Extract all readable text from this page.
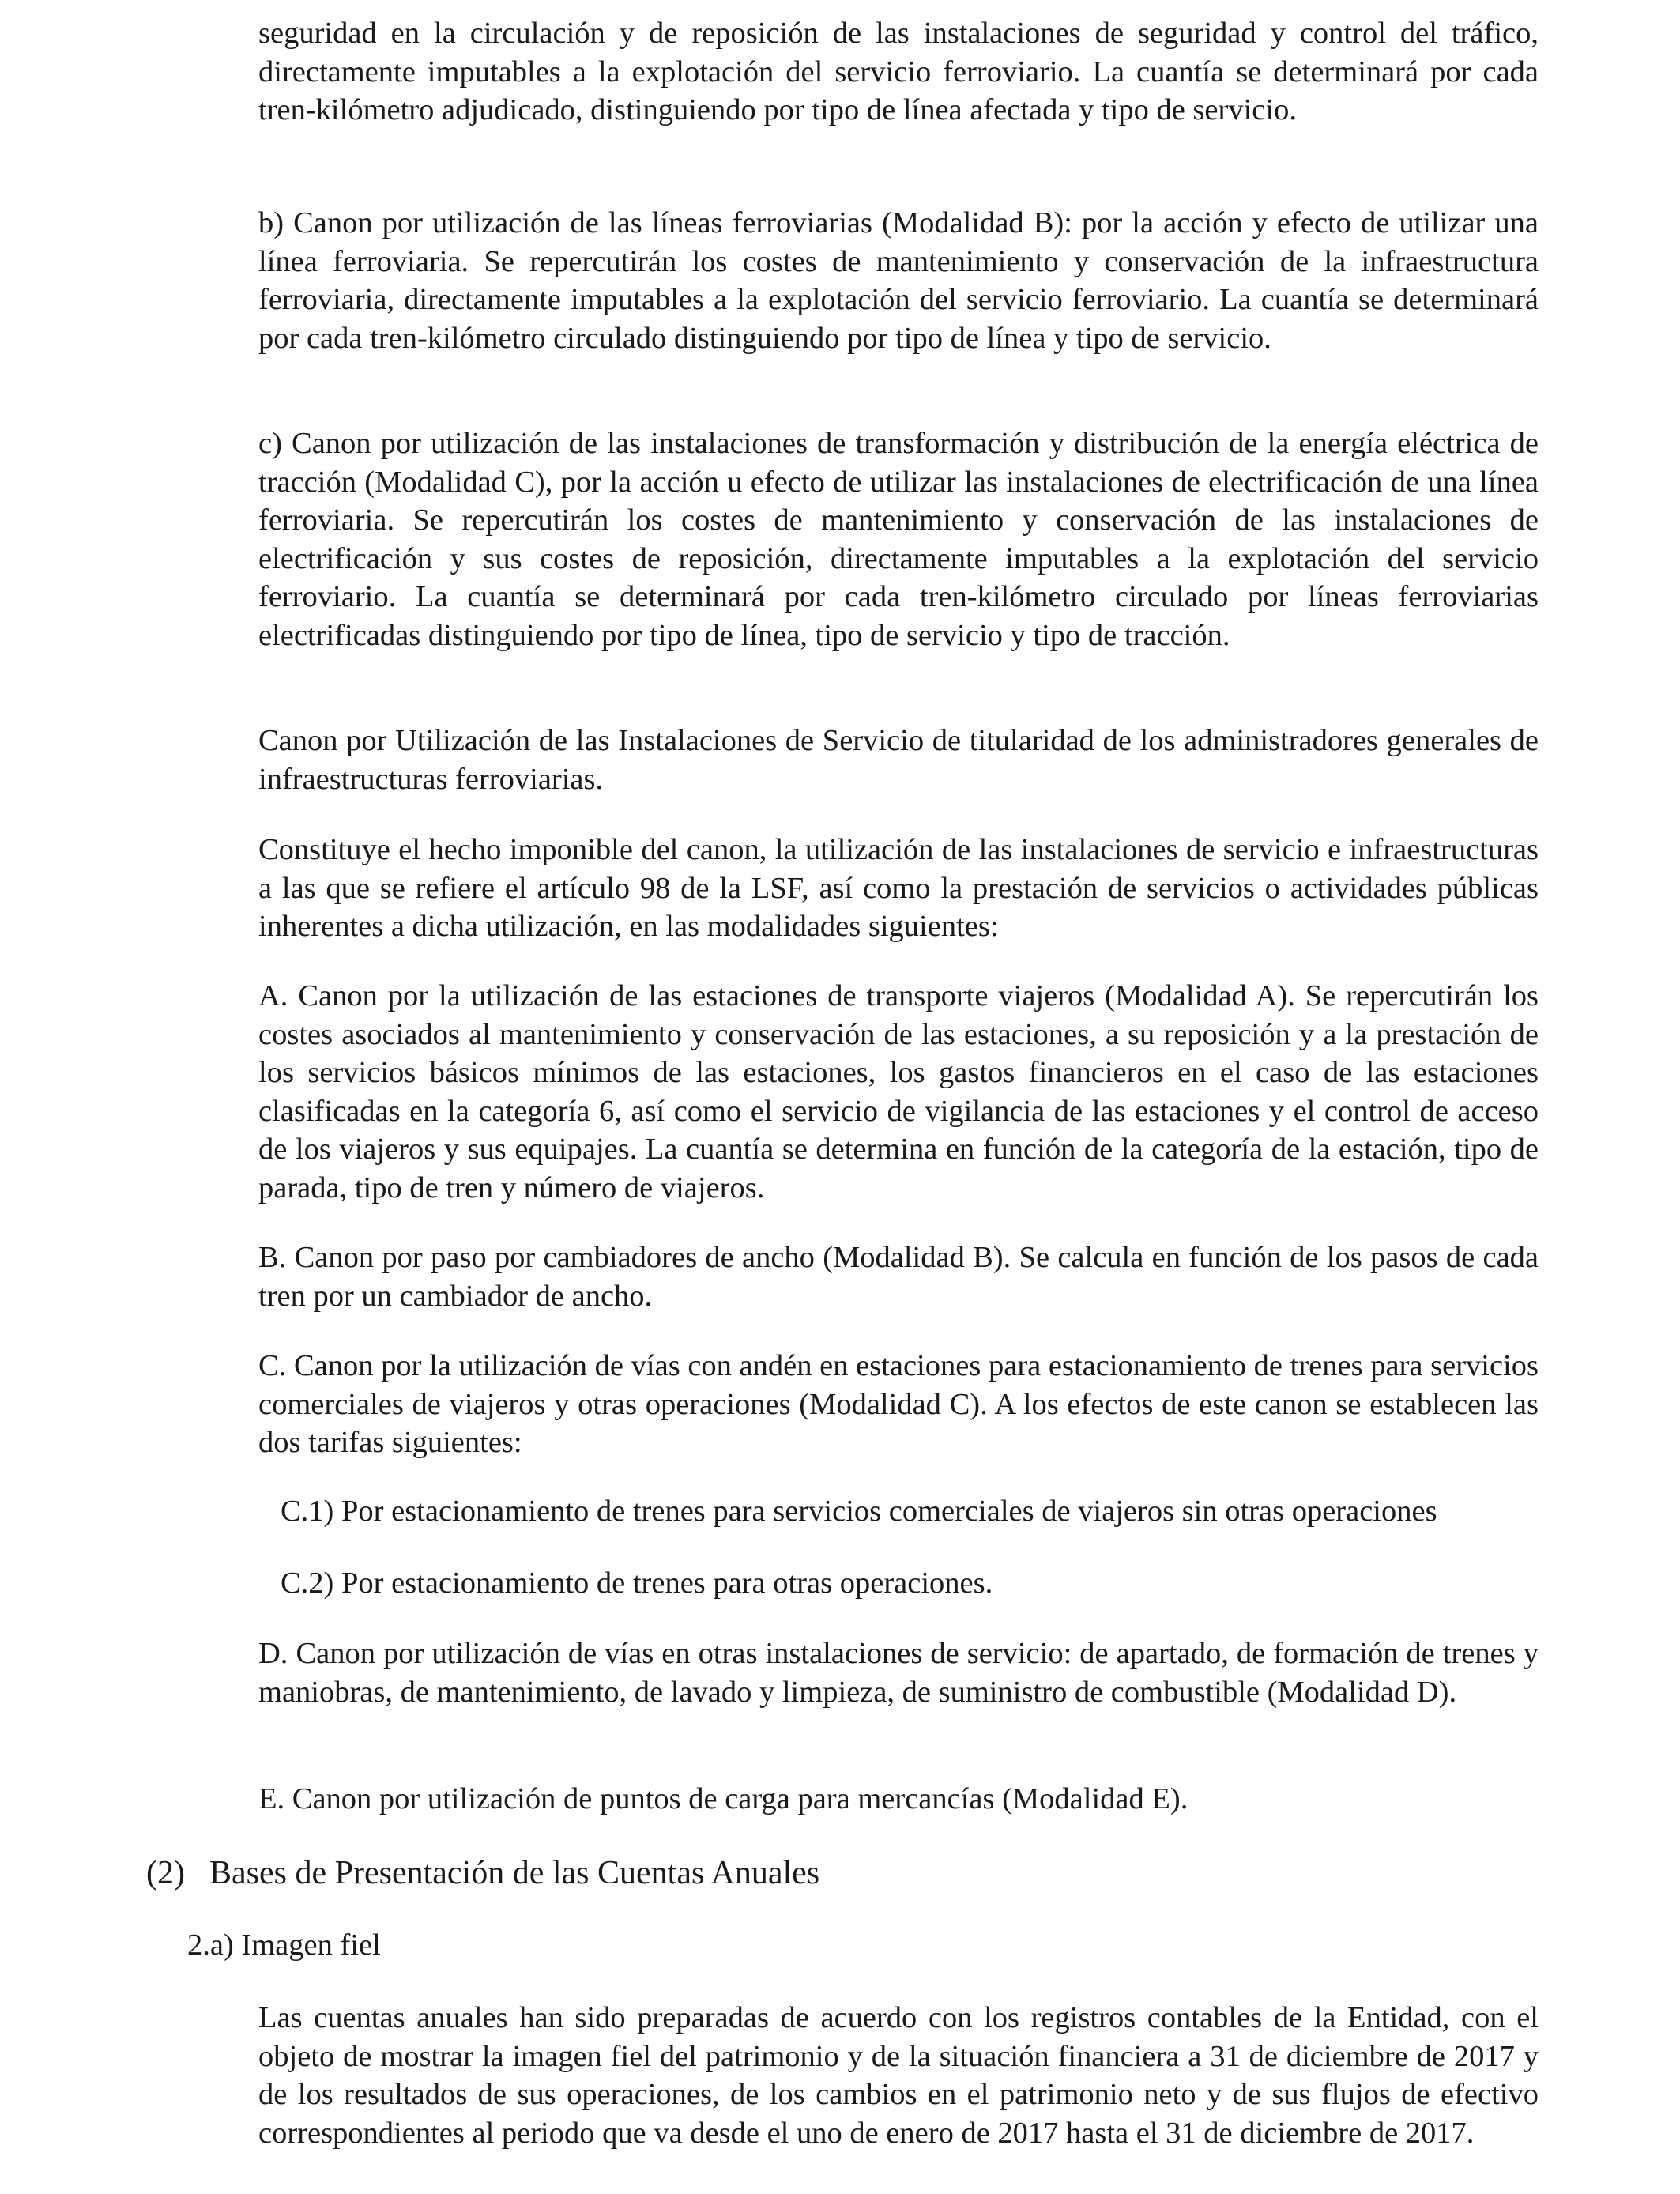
seguridad en la circulación y de reposición de las instalaciones de seguridad y control del tráfico, directamente imputables a la explotación del servicio ferroviario. La cuantía se determinará por cada tren-kilómetro adjudicado, distinguiendo por tipo de línea afectada y tipo de servicio.

b) Canon por utilización de las líneas ferroviarias (Modalidad B): por la acción y efecto de utilizar una línea ferroviaria. Se repercutirán los costes de mantenimiento y conservación de la infraestructura ferroviaria, directamente imputables a la explotación del servicio ferroviario. La cuantía se determinará por cada tren-kilómetro circulado distinguiendo por tipo de línea y tipo de servicio.

c) Canon por utilización de las instalaciones de transformación y distribución de la energía eléctrica de tracción (Modalidad C), por la acción u efecto de utilizar las instalaciones de electrificación de una línea ferroviaria. Se repercutirán los costes de mantenimiento y conservación de las instalaciones de electrificación y sus costes de reposición, directamente imputables a la explotación del servicio ferroviario. La cuantía se determinará por cada tren-kilómetro circulado por líneas ferroviarias electrificadas distinguiendo por tipo de línea, tipo de servicio y tipo de tracción.

Canon por Utilización de las Instalaciones de Servicio de titularidad de los administradores generales de infraestructuras ferroviarias.

Constituye el hecho imponible del canon, la utilización de las instalaciones de servicio e infraestructuras a las que se refiere el artículo 98 de la LSF, así como la prestación de servicios o actividades públicas inherentes a dicha utilización, en las modalidades siguientes:

A. Canon por la utilización de las estaciones de transporte viajeros (Modalidad A). Se repercutirán los costes asociados al mantenimiento y conservación de las estaciones, a su reposición y a la prestación de los servicios básicos mínimos de las estaciones, los gastos financieros en el caso de las estaciones clasificadas en la categoría 6, así como el servicio de vigilancia de las estaciones y el control de acceso de los viajeros y sus equipajes. La cuantía se determina en función de la categoría de la estación, tipo de parada, tipo de tren y número de viajeros.

B. Canon por paso por cambiadores de ancho (Modalidad B). Se calcula en función de los pasos de cada tren por un cambiador de ancho.

C. Canon por la utilización de vías con andén en estaciones para estacionamiento de trenes para servicios comerciales de viajeros y otras operaciones (Modalidad C). A los efectos de este canon se establecen las dos tarifas siguientes:

C.1) Por estacionamiento de trenes para servicios comerciales de viajeros sin otras operaciones

C.2) Por estacionamiento de trenes para otras operaciones.

D. Canon por utilización de vías en otras instalaciones de servicio: de apartado, de formación de trenes y maniobras, de mantenimiento, de lavado y limpieza, de suministro de combustible (Modalidad D).

E. Canon por utilización de puntos de carga para mercancías (Modalidad E).

(2) Bases de Presentación de las Cuentas Anuales
2.a) Imagen fiel

Las cuentas anuales han sido preparadas de acuerdo con los registros contables de la Entidad, con el objeto de mostrar la imagen fiel del patrimonio y de la situación financiera a 31 de diciembre de 2017 y de los resultados de sus operaciones, de los cambios en el patrimonio neto y de sus flujos de efectivo correspondientes al periodo que va desde el uno de enero de 2017 hasta el 31 de diciembre de 2017.
